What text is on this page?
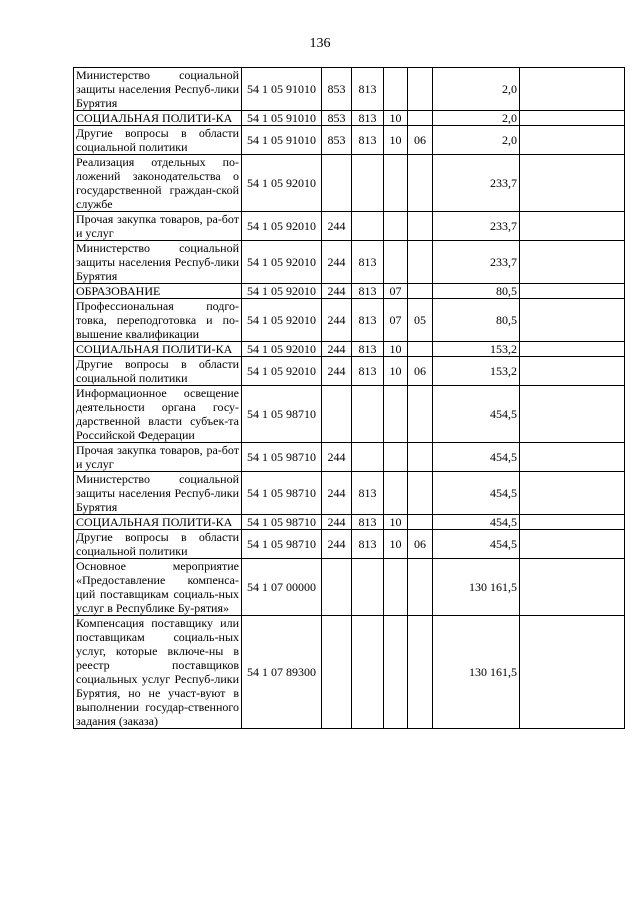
136
Министерство социальной защиты населения Респуб-лики Бурятия	54 1 05 91010	853	813			2,0	
СОЦИАЛЬНАЯ ПОЛИТИ-КА	54 1 05 91010	853	813	10		2,0	
Другие вопросы в области социальной политики	54 1 05 91010	853	813	10	06	2,0	
Реализация отдельных по-ложений законодательства о государственной граждан-ской службе	54 1 05 92010					233,7	
Прочая закупка товаров, ра-бот и услуг	54 1 05 92010	244				233,7	
Министерство социальной защиты населения Респуб-лики Бурятия	54 1 05 92010	244	813			233,7	
ОБРАЗОВАНИЕ	54 1 05 92010	244	813	07		80,5	
Профессиональная подго-товка, переподготовка и по-вышение квалификации	54 1 05 92010	244	813	07	05	80,5	
СОЦИАЛЬНАЯ ПОЛИТИ-КА	54 1 05 92010	244	813	10		153,2	
Другие вопросы в области социальной политики	54 1 05 92010	244	813	10	06	153,2	
Информационное освещение деятельности органа госу-дарственной власти субъек-та Российской Федерации	54 1 05 98710					454,5	
Прочая закупка товаров, ра-бот и услуг	54 1 05 98710	244				454,5	
Министерство социальной защиты населения Респуб-лики Бурятия	54 1 05 98710	244	813			454,5	
СОЦИАЛЬНАЯ ПОЛИТИ-КА	54 1 05 98710	244	813	10		454,5	
Другие вопросы в области социальной политики	54 1 05 98710	244	813	10	06	454,5	
Основное мероприятие «Предоставление компенса-ций поставщикам социаль-ных услуг в Республике Бу-рятия»	54 1 07 00000					130 161,5	
Компенсация поставщику или поставщикам социаль-ных услуг, которые включе-ны в реестр поставщиков социальных услуг Респуб-лики Бурятия, но не участ-вуют в выполнении государ-ственного задания (заказа)	54 1 07 89300					130 161,5	
